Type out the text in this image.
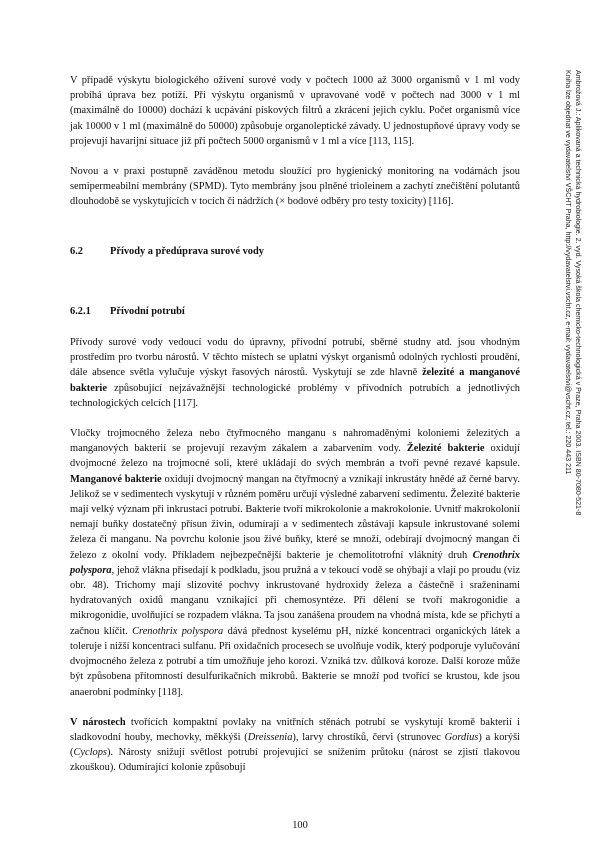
V případě výskytu biologického oživení surové vody v počtech 1000 až 3000 organismů v 1 ml vody probíhá úprava bez potíží. Při výskytu organismů v upravované vodě v počtech nad 3000 v 1 ml (maximálně do 10000) dochází k ucpávání pískových filtrů a zkrácení jejich cyklu. Počet organismů více jak 10000 v 1 ml (maximálně do 50000) způsobuje organoleptické závady. U jednostupňové úpravy vody se projevují havarijní situace již při počtech 5000 organismů v 1 ml a více [113, 115].

Novou a v praxi postupně zaváděnou metodu sloužící pro hygienický monitoring na vodárnách jsou semipermeabilní membrány (SPMD). Tyto membrány jsou plněné trioleinem a zachytí znečištění polutantů dlouhodobě se vyskytujících v tocích či nádržích (× bodové odběry pro testy toxicity) [116].

6.2	Přívody a předúprava surové vody
6.2.1	Přívodní potrubí

Přívody surové vody vedoucí vodu do úpravny, přívodní potrubí, sběrné studny atd. jsou vhodným prostředím pro tvorbu nárostů. V těchto místech se uplatní výskyt organismů odolných rychlosti proudění, dále absence světla vylučuje výskyt řasových nárostů. Vyskytují se zde hlavně železité a manganové bakterie způsobující nejzávažnější technologické problémy v přívodních potrubích a jednotlivých technologických celcích [117].

Vločky trojmocného železa nebo čtyřmocného manganu s nahromaděnými koloniemi železitých a manganových bakterií se projevují rezavým zákalem a zabarvením vody. Železité bakterie oxidují dvojmocné železo na trojmocné soli, které ukládají do svých membrán a tvoří pevné rezavé kapsule. Manganové bakterie oxidují dvojmocný mangan na čtyřmocný a vznikají inkrustáty hnědé až černé barvy. Jelikož se v sedimentech vyskytují v různém poměru určují výsledné zabarvení sedimentu. Železité bakterie mají velký význam při inkrustaci potrubí. Bakterie tvoří mikrokolonie a makrokolonie. Uvnitř makrokolonií nemají buňky dostatečný přísun živin, odumírají a v sedimentech zůstávají kapsule inkrustované solemi železa či manganu. Na povrchu kolonie jsou živé buňky, které se množí, odebírají dvojmocný mangan či železo z okolní vody. Příkladem nejbezpečnější bakterie je chemolitotrofní vláknitý druh Crenothrix polyspora, jehož vlákna přisedají k podkladu, jsou pružná a v tekoucí vodě se ohýbají a vlají po proudu (viz obr. 48). Trichomy mají slizovité pochvy inkrustované hydroxidy železa a částečně i sraženinami hydratovaných oxidů manganu vznikající při chemosyntéze. Při dělení se tvoří makrogonidie a mikrogonidie, uvolňující se rozpadem vlákna. Ta jsou zanášena proudem na vhodná místa, kde se přichytí a začnou klíčit. Crenothrix polyspora dává přednost kyselému pH, nízké koncentraci organických látek a toleruje i nižší koncentraci sulfanu. Při oxidačních procesech se uvolňuje vodík, který podporuje vylučování dvojmocného železa z potrubí a tím umožňuje jeho korozi. Vzniká tzv. důlková koroze. Další koroze může být způsobena přítomností desulfurikačních mikrobů. Bakterie se množí pod tvořící se krustou, kde jsou anaerobní podmínky [118].

V nárostech tvořících kompaktní povlaky na vnitřních stěnách potrubí se vyskytují kromě bakterií i sladkovodní houby, mechovky, měkkýši (Dreissenia), larvy chrostíků, červi (strunovec Gordius) a korýši (Cyclops). Nárosty snižují světlost potrubí projevující se snížením průtoku (nárost se zjistí tlakovou zkouškou). Odumírající kolonie způsobují

100
Ambrožová J.: Aplikovaná a technická hydrobiologie. 2. vyd. Vysoká škola chemicko-technologická v Praze, Praha 2003. ISBN 80-7080-521-8
Kniha lze objednat ve vydavatelství VŠCHT Praha, http://vydavatelstvi.vscht.cz, e-mail: vydavatelstvi@vscht.cz, tel.: 220 443 211
